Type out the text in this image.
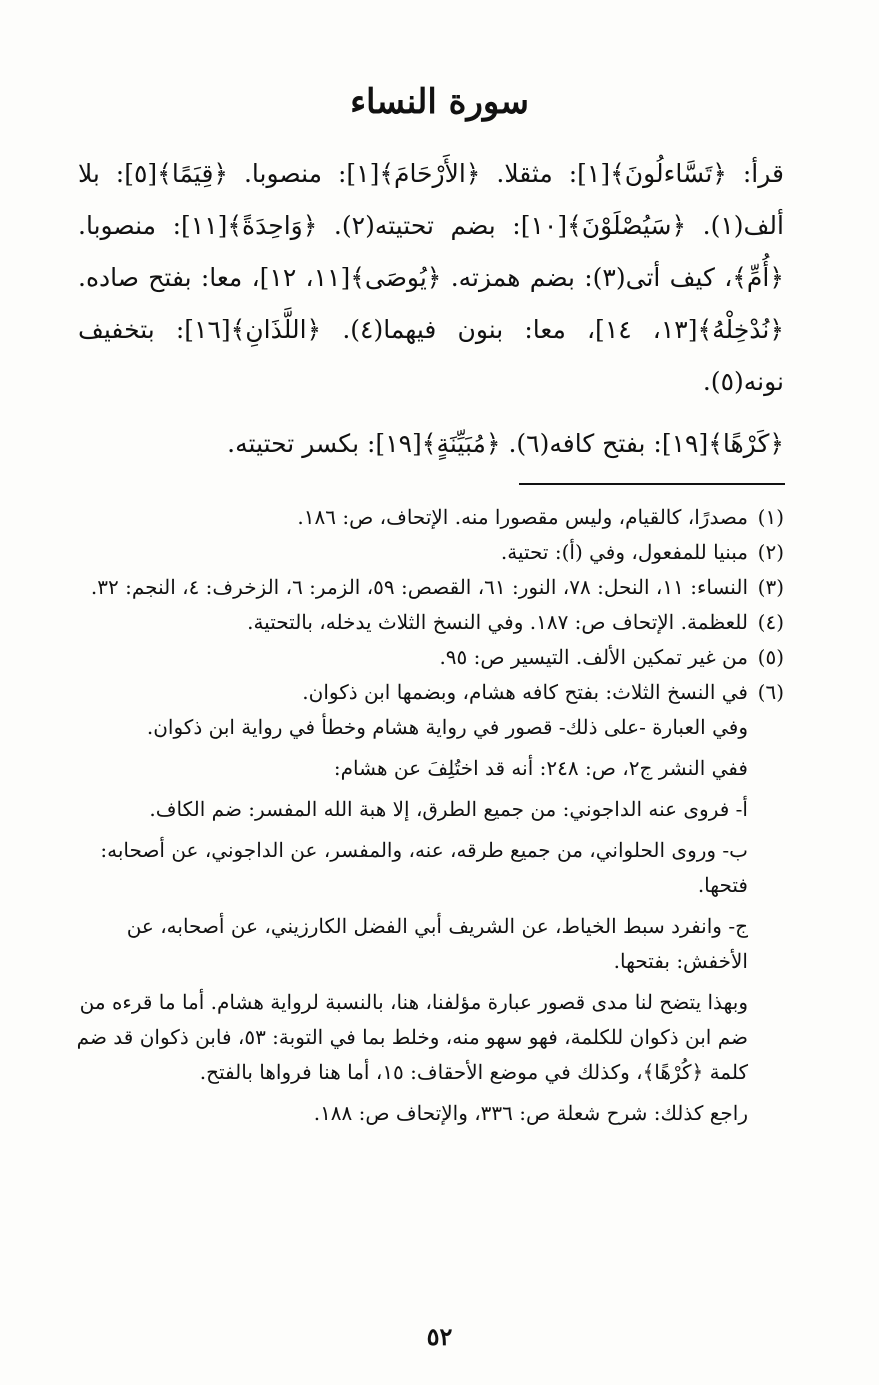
سورة النساء

قرأ: ﴿تَسَّاءلُونَ﴾[١]: مثقلا. ﴿الأَرْحَامَ﴾[١]: منصوبا. ﴿قِيَمًا﴾[٥]: بلا ألف(١). ﴿سَيُصْلَوْنَ﴾[١٠]: بضم تحتيته(٢). ﴿وَاحِدَةً﴾[١١]: منصوبا. ﴿أُمِّ﴾، كيف أتى(٣): بضم همزته. ﴿يُوصَى﴾[١١، ١٢]، معا: بفتح صاده. ﴿نُدْخِلْهُ﴾[١٣، ١٤]، معا: بنون فيهما(٤). ﴿اللَّذَانِ﴾[١٦]: بتخفيف نونه(٥).

﴿كَرْهًا﴾[١٩]: بفتح كافه(٦). ﴿مُبَيِّنَةٍ﴾[١٩]: بكسر تحتيته.

(١)
مصدرًا، كالقيام، وليس مقصورا منه. الإتحاف، ص: ١٨٦.
(٢)
مبنيا للمفعول، وفي (أ): تحتية.
(٣)
النساء: ١١، النحل: ٧٨، النور: ٦١، القصص: ٥٩، الزمر: ٦، الزخرف: ٤، النجم: ٣٢.
(٤)
للعظمة. الإتحاف ص: ١٨٧. وفي النسخ الثلاث يدخله، بالتحتية.
(٥)
من غير تمكين الألف. التيسير ص: ٩٥.
(٦)
في النسخ الثلاث: بفتح كافه هشام، وبضمها ابن ذكوان.
وفي العبارة -على ذلك- قصور في رواية هشام وخطأ في رواية ابن ذكوان.
ففي النشر ج٢، ص: ٢٤٨: أنه قد اختُلِفَ عن هشام:
أ- فروى عنه الداجوني: من جميع الطرق، إلا هبة الله المفسر: ضم الكاف.
ب- وروى الحلواني، من جميع طرقه، عنه، والمفسر، عن الداجوني، عن أصحابه: فتحها.
ج- وانفرد سبط الخياط، عن الشريف أبي الفضل الكارزيني، عن أصحابه، عن الأخفش: بفتحها.
وبهذا يتضح لنا مدى قصور عبارة مؤلفنا، هنا، بالنسبة لرواية هشام. أما ما قرءه من ضم ابن ذكوان للكلمة، فهو سهو منه، وخلط بما في التوبة: ٥٣، فابن ذكوان قد ضم كلمة ﴿كُرْهًا﴾، وكذلك في موضع الأحقاف: ١٥، أما هنا فرواها بالفتح.
راجع كذلك: شرح شعلة ص: ٣٣٦، والإتحاف ص: ١٨٨.
٥٢
